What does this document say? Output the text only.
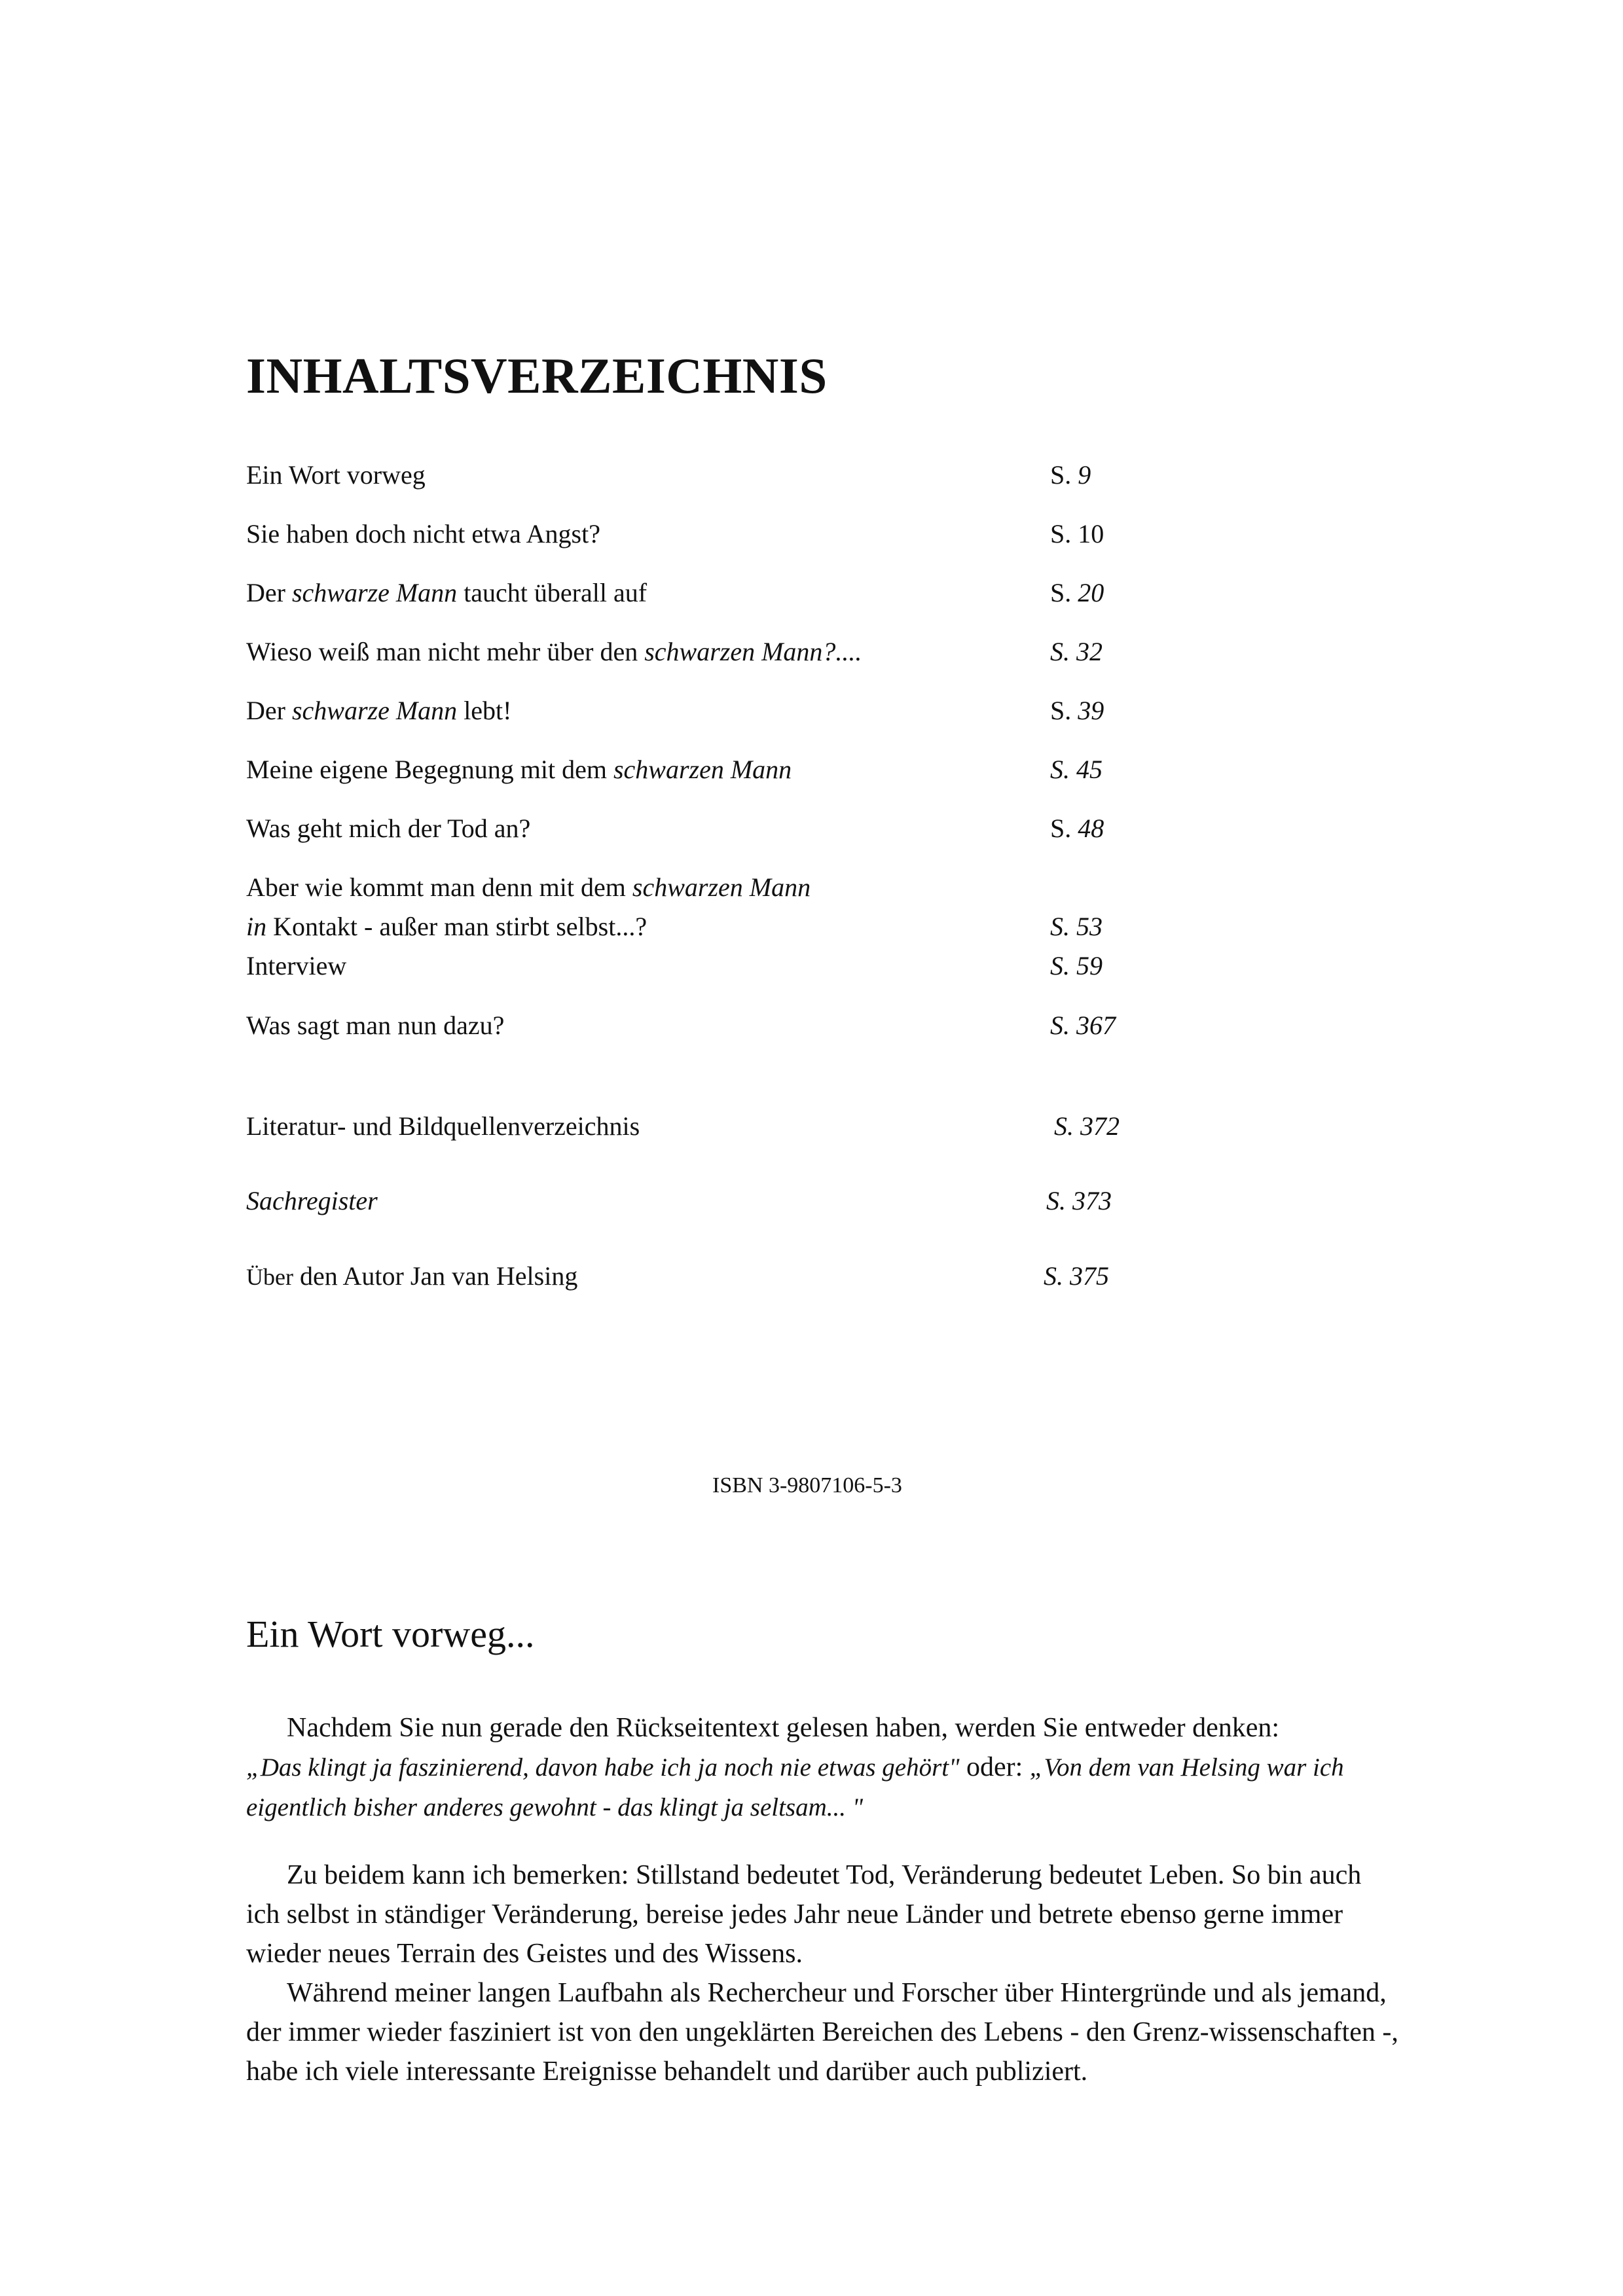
INHALTSVERZEICHNIS
Ein Wort vorweg	S. 9
Sie haben doch nicht etwa Angst?	S. 10
Der schwarze Mann taucht überall auf	S. 20
Wieso weiß man nicht mehr über den schwarzen Mann?....	S. 32
Der schwarze Mann lebt!	S. 39
Meine eigene Begegnung mit dem schwarzen Mann	S. 45
Was geht mich der Tod an?	S. 48
Aber wie kommt man denn mit dem schwarzen Mann
in Kontakt - außer man stirbt selbst...?	S. 53
Interview	S. 59
Was sagt man nun dazu?	S. 367
Literatur- und Bildquellenverzeichnis	S. 372
Sachregister	S. 373
Über den Autor Jan van Helsing	S. 375
ISBN 3-9807106-5-3
Ein Wort vorweg...

Nachdem Sie nun gerade den Rückseitentext gelesen haben, werden Sie entweder denken:
„Das klingt ja faszinierend, davon habe ich ja noch nie etwas gehört" oder: „Von dem van Helsing war ich eigentlich bisher anderes gewohnt - das klingt ja seltsam... "

Zu beidem kann ich bemerken: Stillstand bedeutet Tod, Veränderung bedeutet Leben. So bin auch ich selbst in ständiger Veränderung, bereise jedes Jahr neue Länder und betrete ebenso gerne immer wieder neues Terrain des Geistes und des Wissens.

Während meiner langen Laufbahn als Rechercheur und Forscher über Hintergründe und als jemand, der immer wieder fasziniert ist von den ungeklärten Bereichen des Lebens - den Grenz-wissenschaften -, habe ich viele interessante Ereignisse behandelt und darüber auch publiziert.
